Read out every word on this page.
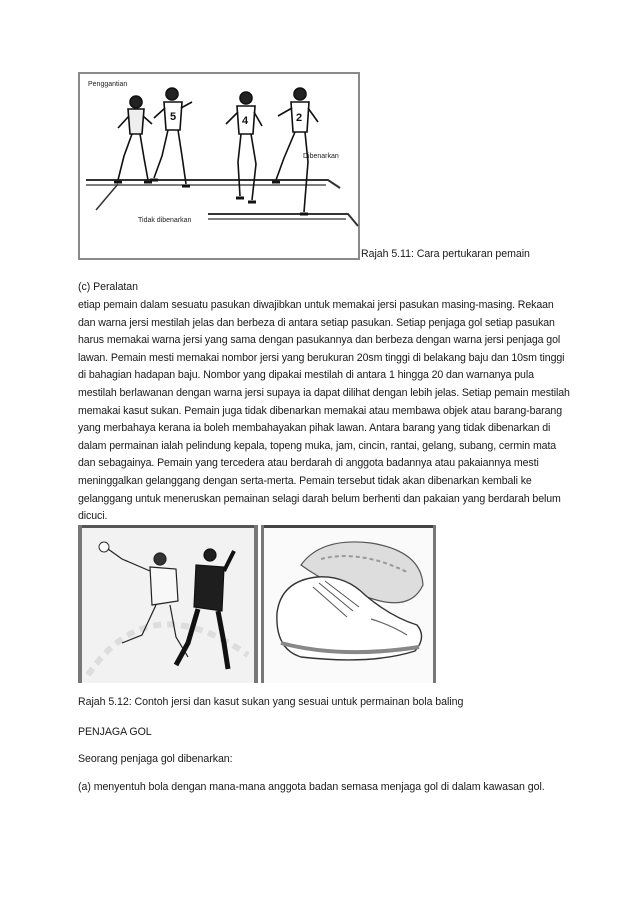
Penggantian
Dibenarkan
Tidak dibenarkan
5	4	2
Rajah 5.11: Cara pertukaran pemain
(c) Peralatan
etiap pemain dalam sesuatu pasukan diwajibkan untuk memakai jersi pasukan masing-masing. Rekaan dan warna jersi mestilah jelas dan berbeza di antara setiap pasukan. Setiap penjaga gol setiap pasukan harus memakai warna jersi yang sama dengan pasukannya dan berbeza dengan warna jersi penjaga gol lawan. Pemain mesti memakai nombor jersi yang berukuran 20sm tinggi di belakang baju dan 10sm tinggi di bahagian hadapan baju. Nombor yang dipakai mestilah di antara 1 hingga 20 dan warnanya pula mestilah berlawanan dengan warna jersi supaya ia dapat dilihat dengan lebih jelas. Setiap pemain mestilah memakai kasut sukan. Pemain juga tidak dibenarkan memakai atau membawa objek atau barang-barang yang merbahaya kerana ia boleh membahayakan pihak lawan. Antara barang yang tidak dibenarkan di dalam permainan ialah pelindung kepala, topeng muka, jam, cincin, rantai, gelang, subang, cermin mata dan sebagainya. Pemain yang tercedera atau berdarah di anggota badannya atau pakaiannya mesti meninggalkan gelanggang dengan serta-merta. Pemain tersebut tidak akan dibenarkan kembali ke gelanggang untuk meneruskan pemainan selagi darah belum berhenti dan pakaian yang berdarah belum dicuci.
Rajah 5.12: Contoh jersi dan kasut sukan yang sesuai untuk permainan bola baling
PENJAGA GOL
Seorang penjaga gol dibenarkan:
(a) menyentuh bola dengan mana-mana anggota badan semasa menjaga gol di dalam kawasan gol.
